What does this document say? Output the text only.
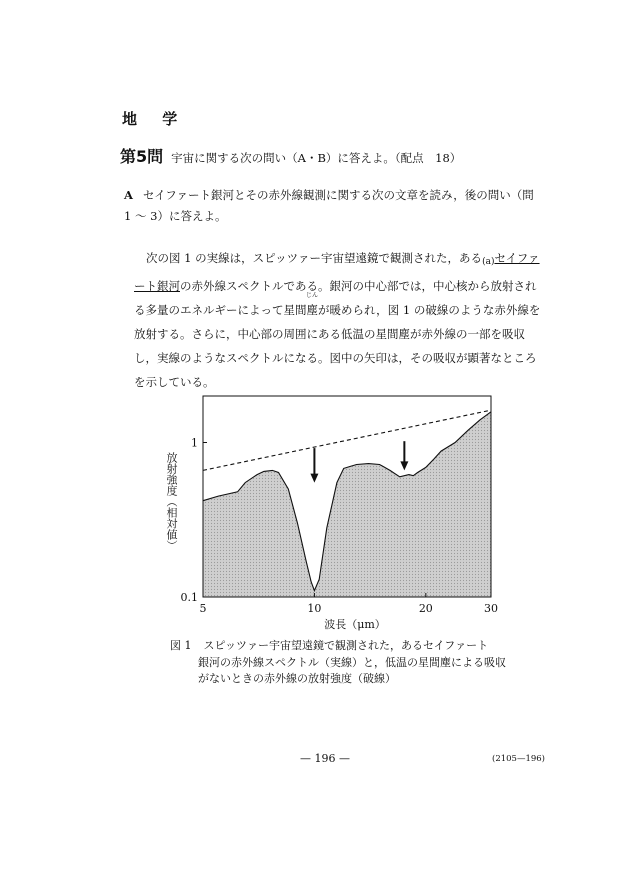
地 学
第5問 宇宙に関する次の問い（A・B）に答えよ。（配点　18）
A セイファート銀河とその赤外線観測に関する次の文章を読み，後の問い（問
1 〜 3）に答えよ。
次の図 1 の実線は，スピッツァー宇宙望遠鏡で観測された，ある$_{(a)}$セイファート銀河の赤外線スペクトルである。銀河の中心部では，中心核から放射される多量のエネルギーによって星間塵が暖められ，図 1 の破線のような赤外線を放射する。さらに，中心部の周囲にある低温の星間塵が赤外線の一部を吸収し，実線のようなスペクトルになる。図中の矢印は，その吸収が顕著なところを示している。
じん
放射強度（相対値）
5	10	20	30
0.1
1
波長（μm）
図 1 スピッツァー宇宙望遠鏡で観測された，あるセイファート
銀河の赤外線スペクトル（実線）と，低温の星間塵による吸収
がないときの赤外線の放射強度（破線）
— 196 —	(2105—196)
